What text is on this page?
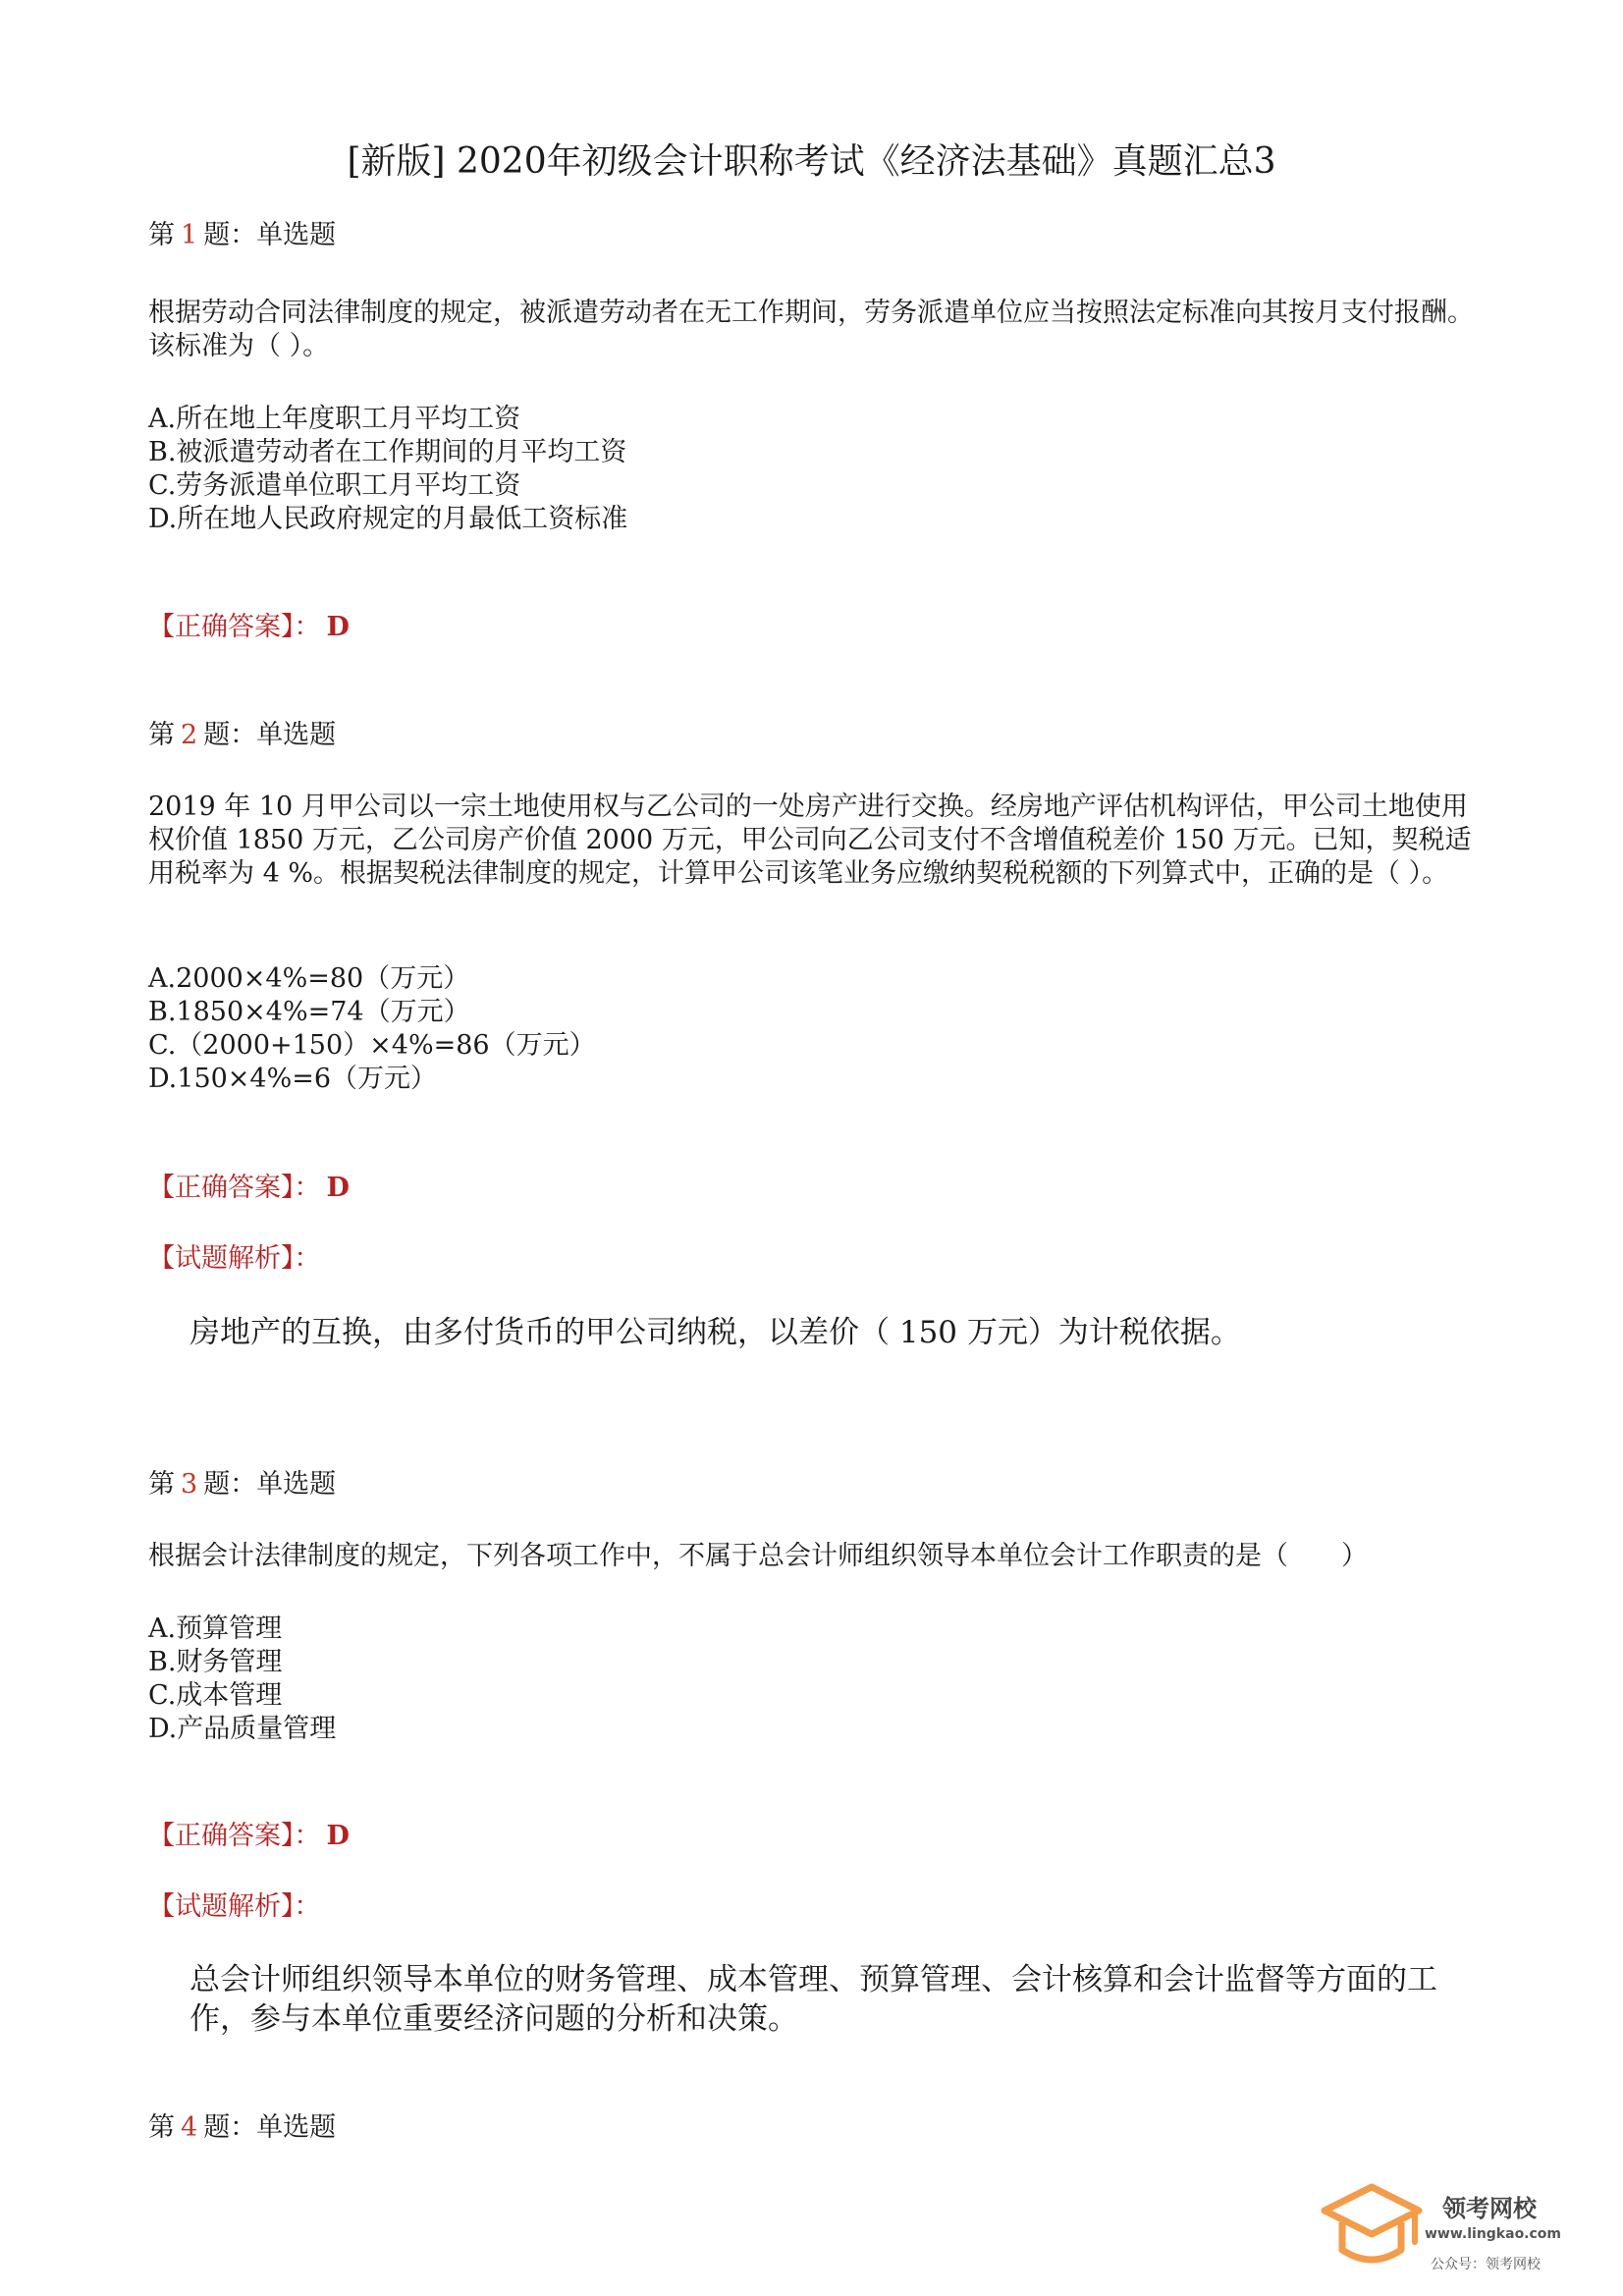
[新版] 2020年初级会计职称考试《经济法基础》真题汇总3
第 1 题：单选题
根据劳动合同法律制度的规定，被派遣劳动者在无工作期间，劳务派遣单位应当按照法定标准向其按月支付报酬。该标准为（ ）。
A.所在地上年度职工月平均工资
B.被派遣劳动者在工作期间的月平均工资
C.劳务派遣单位职工月平均工资
D.所在地人民政府规定的月最低工资标准
【正确答案】： D
第 2 题：单选题
2019 年 10 月甲公司以一宗土地使用权与乙公司的一处房产进行交换。经房地产评估机构评估，甲公司土地使用权价值 1850 万元，乙公司房产价值 2000 万元，甲公司向乙公司支付不含增值税差价 150 万元。已知，契税适用税率为 4 %。根据契税法律制度的规定，计算甲公司该笔业务应缴纳契税税额的下列算式中，正确的是（ ）。
A.2000×4%=80（万元）
B.1850×4%=74（万元）
C.（2000+150）×4%=86（万元）
D.150×4%=6（万元）
【正确答案】： D
【试题解析】：
房地产的互换，由多付货币的甲公司纳税，以差价（ 150 万元）为计税依据。
第 3 题：单选题
根据会计法律制度的规定，下列各项工作中，不属于总会计师组织领导本单位会计工作职责的是（　　）
A.预算管理
B.财务管理
C.成本管理
D.产品质量管理
【正确答案】： D
【试题解析】：
总会计师组织领导本单位的财务管理、成本管理、预算管理、会计核算和会计监督等方面的工作，参与本单位重要经济问题的分析和决策。
第 4 题：单选题
领考网校
www.lingkao.com
公众号：领考网校
